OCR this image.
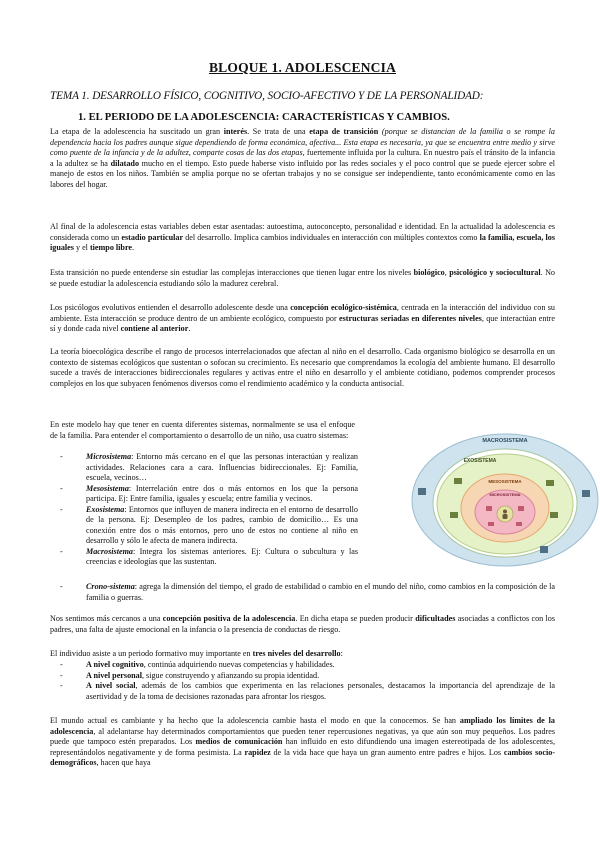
BLOQUE 1. ADOLESCENCIA
TEMA 1. DESARROLLO FÍSICO, COGNITIVO, SOCIO-AFECTIVO Y DE LA PERSONALIDAD:
1. EL PERIODO DE LA ADOLESCENCIA: CARACTERÍSTICAS Y CAMBIOS.

La etapa de la adolescencia ha suscitado un gran interés. Se trata de una etapa de transición (porque se distancian de la familia o se rompe la dependencia hacia los padres aunque sigue dependiendo de forma económica, afectiva... Esta etapa es necesaria, ya que se encuentra entre medio y sirve como puente de la infancia y de la adultez, comparte cosas de las dos etapas, fuertemente influida por la cultura. En nuestro país el tránsito de la infancia a la adultez se ha dilatado mucho en el tiempo. Esto puede haberse visto influido por las redes sociales y el poco control que se puede ejercer sobre el manejo de estos en los niños. También se amplia porque no se ofertan trabajos y no se consigue ser independiente, tanto económicamente como en las labores del hogar.

Al final de la adolescencia estas variables deben estar asentadas: autoestima, autoconcepto, personalidad e identidad. En la actualidad la adolescencia es considerada como un estadio particular del desarrollo. Implica cambios individuales en interacción con múltiples contextos como la familia, escuela, los iguales y el tiempo libre.

Esta transición no puede entenderse sin estudiar las complejas interacciones que tienen lugar entre los niveles biológico, psicológico y sociocultural. No se puede estudiar la adolescencia estudiando sólo la madurez cerebral.

Los psicólogos evolutivos entienden el desarrollo adolescente desde una concepción ecológico-sistémica, centrada en la interacción del individuo con su ambiente. Esta interacción se produce dentro de un ambiente ecológico, compuesto por estructuras seriadas en diferentes niveles, que interactúan entre sí y donde cada nivel contiene al anterior.

La teoría bioecológica describe el rango de procesos interrelacionados que afectan al niño en el desarrollo. Cada organismo biológico se desarrolla en un contexto de sistemas ecológicos que sustentan o sofocan su crecimiento. Es necesario que comprendamos la ecología del ambiente humano. El desarrollo sucede a través de interacciones bidireccionales regulares y activas entre el niño en desarrollo y el ambiente cotidiano, podemos comprender procesos complejos en los que subyacen fenómenos diversos como el rendimiento académico y la conducta antisocial.

En este modelo hay que tener en cuenta diferentes sistemas, normalmente se usa el enfoque de la familia. Para entender el comportamiento o desarrollo de un niño, usa cuatro sistemas:

- Microsistema: Entorno más cercano en el que las personas interactúan y realizan actividades. Relaciones cara a cara. Influencias bidireccionales. Ej: Familia, escuela, vecinos…
- Mesosistema: Interrelación entre dos o más entornos en los que la persona participa. Ej: Entre familia, iguales y escuela; entre familia y vecinos.
- Exosistema: Entornos que influyen de manera indirecta en el entorno de desarrollo de la persona. Ej: Desempleo de los padres, cambio de domicilio… Es una conexión entre dos o más entornos, pero uno de estos no contiene al niño en desarrollo y sólo le afecta de manera indirecta.
- Macrosistema: Integra los sistemas anteriores. Ej: Cultura o subcultura y las creencias e ideologías que las sustentan.
- Crono-sistema: agrega la dimensión del tiempo, el grado de estabilidad o cambio en el mundo del niño, como cambios en la composición de la familia o guerras.

Nos sentimos más cercanos a una concepción positiva de la adolescencia. En dicha etapa se pueden producir dificultades asociadas a conflictos con los padres, una falta de ajuste emocional en la infancia o la presencia de conductas de riesgo.

El individuo asiste a un periodo formativo muy importante en tres niveles del desarrollo:

- A nivel cognitivo, continúa adquiriendo nuevas competencias y habilidades.
- A nivel personal, sigue construyendo y afianzando su propia identidad.
- A nivel social, además de los cambios que experimenta en las relaciones personales, destacamos la importancia del aprendizaje de la asertividad y de la toma de decisiones razonadas para afrontar los riesgos.

El mundo actual es cambiante y ha hecho que la adolescencia cambie hasta el modo en que la conocemos. Se han ampliado los límites de la adolescencia, al adelantarse hay determinados comportamientos que pueden tener repercusiones negativas, ya que aún son muy pequeños. Los padres puede que tampoco estén preparados. Los medios de comunicación han influido en esto difundiendo una imagen estereotipada de los adolescentes, representándolos negativamente y de forma pesimista. La rapidez de la vida hace que haya un gran aumento entre padres e hijos. Los cambios socio-demográficos, hacen que haya

MACROSISTEMA
EXOSISTEMA
MESOSISTEMA
MICROSISTEMA
